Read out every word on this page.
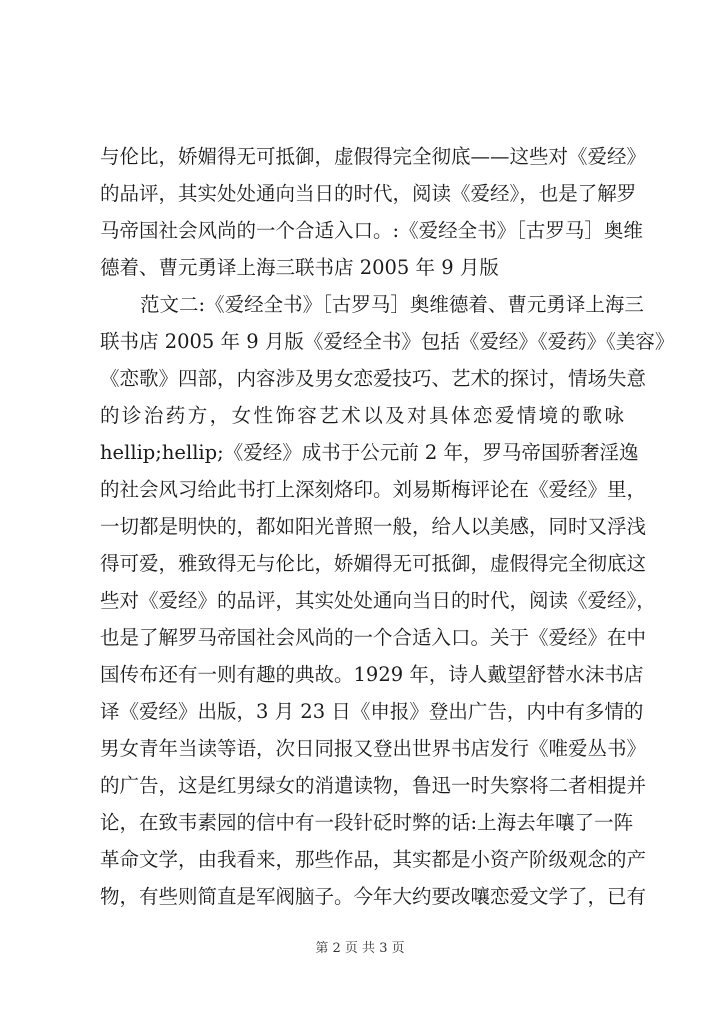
与伦比，娇媚得无可抵御，虚假得完全彻底——这些对《爱经》
的品评，其实处处通向当日的时代，阅读《爱经》，也是了解罗
马帝国社会风尚的一个合适入口。:《爱经全书》［古罗马］奥维
德着、曹元勇译上海三联书店 2005 年 9 月版
范文二:《爱经全书》［古罗马］奥维德着、曹元勇译上海三
联书店 2005 年 9 月版《爱经全书》包括《爱经》《爱药》《美容》
《恋歌》四部，内容涉及男女恋爱技巧、艺术的探讨，情场失意
的诊治药方，女性饰容艺术以及对具体恋爱情境的歌咏
hellip;hellip;《爱经》成书于公元前 2 年，罗马帝国骄奢淫逸
的社会风习给此书打上深刻烙印。刘易斯梅评论在《爱经》里，
一切都是明快的，都如阳光普照一般，给人以美感，同时又浮浅
得可爱，雅致得无与伦比，娇媚得无可抵御，虚假得完全彻底这
些对《爱经》的品评，其实处处通向当日的时代，阅读《爱经》，
也是了解罗马帝国社会风尚的一个合适入口。关于《爱经》在中
国传布还有一则有趣的典故。1929 年，诗人戴望舒替水沫书店
译《爱经》出版，3 月 23 日《申报》登出广告，内中有多情的
男女青年当读等语，次日同报又登出世界书店发行《唯爱丛书》
的广告，这是红男绿女的消遣读物，鲁迅一时失察将二者相提并
论，在致韦素园的信中有一段针砭时弊的话:上海去年嚷了一阵
革命文学，由我看来，那些作品，其实都是小资产阶级观念的产
物，有些则简直是军阀脑子。今年大约要改嚷恋爱文学了，已有
第 2 页 共 3 页
